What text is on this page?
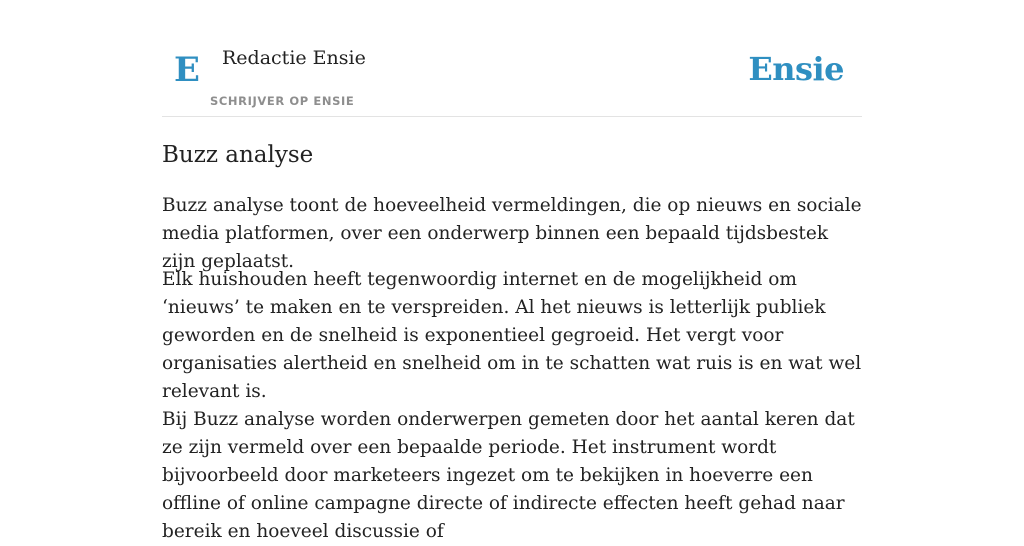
E Redactie Ensie
SCHRIJVER OP ENSIE
Ensie
Buzz analyse

Buzz analyse toont de hoeveelheid vermeldingen, die op nieuws en sociale media platformen, over een onderwerp binnen een bepaald tijdsbestek zijn geplaatst.

Elk huishouden heeft tegenwoordig internet en de mogelijkheid om ‘nieuws’ te maken en te verspreiden. Al het nieuws is letterlijk publiek geworden en de snelheid is exponentieel gegroeid. Het vergt voor organisaties alertheid en snelheid om in te schatten wat ruis is en wat wel relevant is.

Bij Buzz analyse worden onderwerpen gemeten door het aantal keren dat ze zijn vermeld over een bepaalde periode. Het instrument wordt bijvoorbeeld door marketeers ingezet om te bekijken in hoeverre een offline of online campagne directe of indirecte effecten heeft gehad naar bereik en hoeveel discussie of
